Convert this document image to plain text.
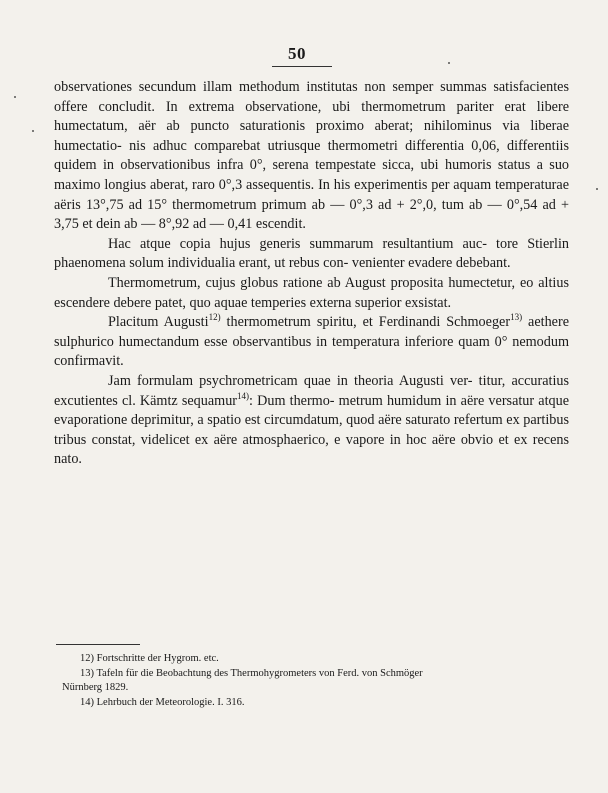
50

observationes secundum illam methodum institutas non semper summas satisfacientes offere concludit. In extrema observatione, ubi thermometrum pariter erat libere humectatum, aër ab puncto saturationis proximo aberat; nihilominus via liberae humectatio- nis adhuc comparebat utriusque thermometri differentia 0,06, differentiis quidem in observationibus infra 0°, serena tempestate sicca, ubi humoris status a suo maximo longius aberat, raro 0°,3 assequentis. In his experimentis per aquam temperaturae aëris 13°,75 ad 15° thermometrum primum ab — 0°,3 ad + 2°,0, tum ab — 0°,54 ad + 3,75 et dein ab — 8°,92 ad — 0,41 escendit.

Hac atque copia hujus generis summarum resultantium auc- tore Stierlin phaenomena solum individualia erant, ut rebus con- venienter evadere debebant.

Thermometrum, cujus globus ratione ab August proposita humectetur, eo altius escendere debere patet, quo aquae temperies externa superior exsistat.

Placitum Augusti$^{12)}$ thermometrum spiritu, et Ferdinandi Schmoeger$^{13)}$ aethere sulphurico humectandum esse observantibus in temperatura inferiore quam 0° nemodum confirmavit.

Jam formulam psychrometricam quae in theoria Augusti ver- titur, accuratius excutientes cl. Kämtz sequamur$^{14)}$: Dum thermo- metrum humidum in aëre versatur atque evaporatione deprimitur, a spatio est circumdatum, quod aëre saturato refertum ex partibus tribus constat, videlicet ex aëre atmosphaerico, e vapore in hoc aëre obvio et ex recens nato.

12) Fortschritte der Hygrom. etc.

13) Tafeln für die Beobachtung des Thermohygrometers von Ferd. von Schmöger
Nürnberg 1829.

14) Lehrbuch der Meteorologie. I. 316.
